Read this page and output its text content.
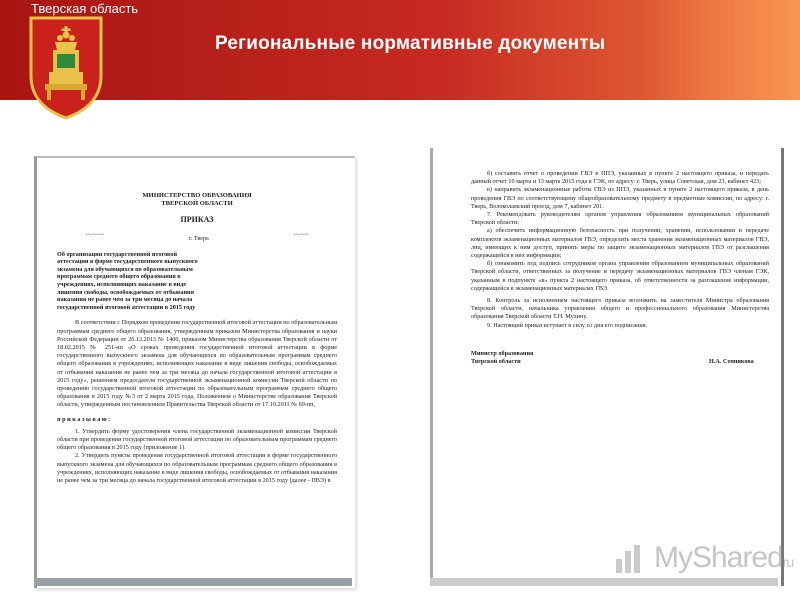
Тверская область
Региональные нормативные документы
МИНИСТЕРСТВО ОБРАЗОВАНИЯ
ТВЕРСКОЙ ОБЛАСТИ
ПРИКАЗ
~~~~~	г. Тверь	~~~~
Об организации государственной итоговой
аттестации в форме государственного выпускного
экзамена для обучающихся по образовательным
программам среднего общего образования в
учреждениях, исполняющих наказание в виде
лишения свободы, освобождаемых от отбывания
наказания не ранее чем за три месяца до начала
государственной итоговой аттестации в 2015 году
В соответствии с Порядком проведения государственной итоговой аттестации по образовательным программам среднего общего образования, утвержденным приказом Министерства образования и науки Российской Федерации от 26.12.2013 № 1400, приказом Министерства образования Тверской области от 18.02.2015 № 251-нп «О сроках проведения государственной итоговой аттестации в форме государственного выпускного экзамена для обучающихся по образовательным программам среднего общего образования в учреждениях, исполняющих наказание в виде лишения свободы, освобождаемых от отбывания наказания не ранее чем за три месяца до начала государственной итоговой аттестации в 2015 году», решением председателя государственной экзаменационной комиссии Тверской области по проведению государственной итоговой аттестации по образовательным программам среднего общего образования в 2015 году №3 от 2 марта 2015 года, Положением о Министерстве образования Тверской области, утвержденным постановлением Правительства Тверской области от 17.10.2011 № 69-пп,
п р и к а з ы в а ю :
1. Утвердить форму удостоверения члена государственной экзаменационной комиссии Тверской области при проведении государственной итоговой аттестации по образовательным программам среднего общего образования в 2015 году (приложение 1).
2. Утвердить пункты проведения государственной итоговой аттестации в форме государственного выпускного экзамена для обучающихся по образовательным программам среднего общего образования в учреждениях, исполняющих наказание в виде лишения свободы, освобождаемых от отбывания наказания не ранее чем за три месяца до начала государственной итоговой аттестации в 2015 году (далее - ПВЭ) в
б) составить отчет о проведении ГВЭ в ППЭ, указанных в пункте 2 настоящего приказа, и передать данный отчет 10 марта и 13 марта 2015 года в ГЭК, по адресу: г. Тверь, улица Советская, дом 23, кабинет 423;
в) направить экзаменационные работы ГВЭ из ППЭ, указанных в пункте 2 настоящего приказа, в день проведения ГВЭ по соответствующему общеобразовательному предмету в предметные комиссии, по адресу: г. Тверь, Волоколамский проезд, дом 7, кабинет 201.
7. Рекомендовать руководителям органов управления образованием муниципальных образований Тверской области:
а) обеспечить информационную безопасность при получении, хранении, использовании и передаче комплектов экзаменационных материалов ГВЭ, определить места хранения экзаменационных материалов ГВЭ, лиц, имеющих к ним доступ, принять меры по защите экзаменационных материалов ГВЭ от разглашения содержащейся в них информации;
б) ознакомить под подпись сотрудников органа управления образованием муниципальных образований Тверской области, ответственных за получение и передачу экзаменационных материалов ГВЭ членам ГЭК, указанным в подпункте «в» пункта 2 настоящего приказа, об ответственности за разглашение информации, содержащейся в экзаменационных материалах ГВЭ.
8. Контроль за исполнением настоящего приказа возложить на заместителя Министра образования Тверской области, начальника управления общего и профессионального образования Министерства образования Тверской области Т.Н. Мухину.
9. Настоящий приказ вступает в силу со дня его подписания.
Министр образования
Тверской области	Н.А. Сенникова
MySharedru
